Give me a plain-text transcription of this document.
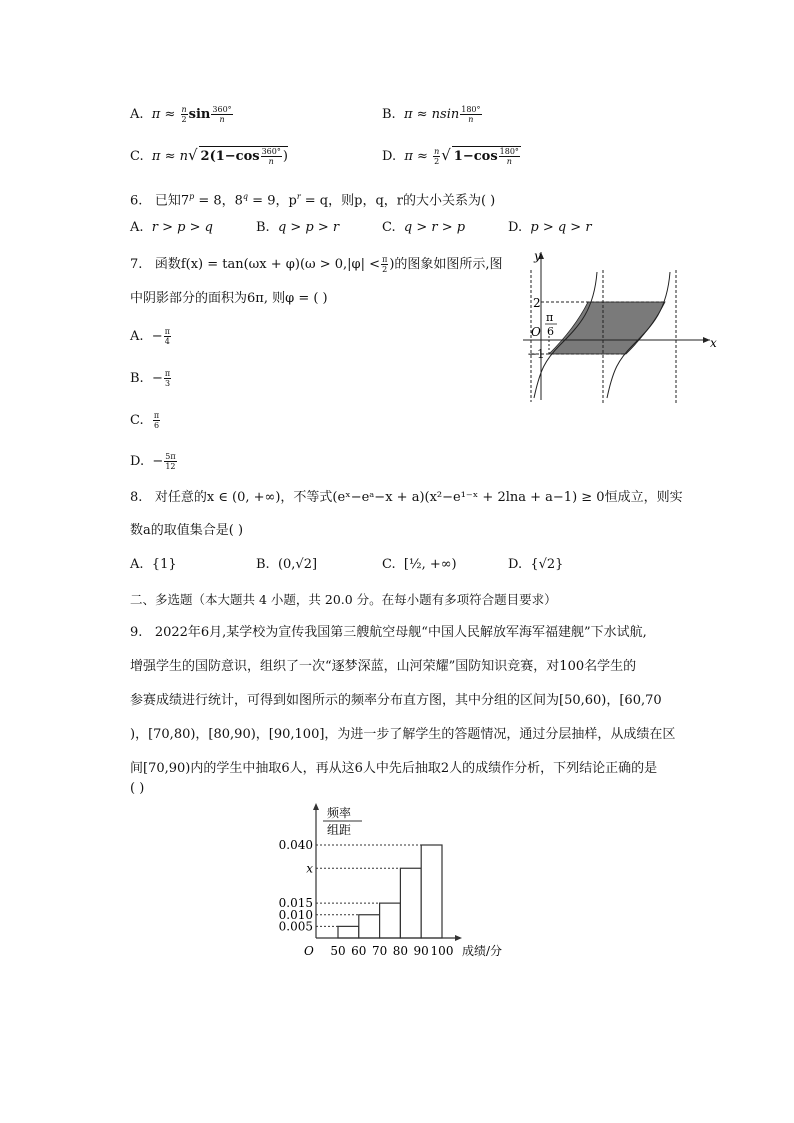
A. $\pi \approx \frac{n}{2}$ $\sin \frac{360^\circ}{n}$	B. π ≈ nsin $\frac{180^\circ}{n}$
C. π ≈ n√ $2(1-\cos \frac{360^\circ}{n}$ )	D. $\pi \approx \frac{n}{2}$ √ $1-\cos \frac{180^\circ}{n}$
6. 已知$7^p = 8$，$8^q = 9$，$p^r = q$，则p，q，r的大小关系为( )
A. r > p > q	B. q > p > r	C. q > r > p	D. p > q > r
7. 函数$f(x) = \tan(\omega x + \varphi)(\omega > 0,|\varphi| < \frac{\pi}{2}$ )的图象如图所示,图
中阴影部分的面积为6π, 则φ = ( )
A. − $\frac{\pi}{4}$
B. − $\frac{\pi}{3}$
C. $\frac{\pi}{6}$
D. − $\frac{5\pi}{12}$
y
x
O
2
−1
π
6
8. 对任意的x ∈ (0, +∞)，不等式(eˣ−eᵃ−x + a)(x²−e¹⁻ˣ + 2lna + a−1) ≥ 0恒成立，则实
数a的取值集合是( )
A. {1}	B. (0,√2]	C. [½, +∞)	D. {√2}
二、多选题（本大题共 4 小题，共 20.0 分。在每小题有多项符合题目要求）
9. 2022年6月,某学校为宣传我国第三艘航空母舰“中国人民解放军海军福建舰”下水试航,
增强学生的国防意识，组织了一次“逐梦深蓝，山河荣耀”国防知识竞赛，对100名学生的
参赛成绩进行统计，可得到如图所示的频率分布直方图，其中分组的区间为[50,60)，[60,70
)，[70,80)，[80,90)，[90,100]，为进一步了解学生的答题情况，通过分层抽样，从成绩在区
间[70,90)内的学生中抽取6人，再从这6人中先后抽取2人的成绩作分析，下列结论正确的是
( )
频率
组距
O	成绩/分
50 60 70 80 90 100
0.040
x
0.015
0.010
0.005
